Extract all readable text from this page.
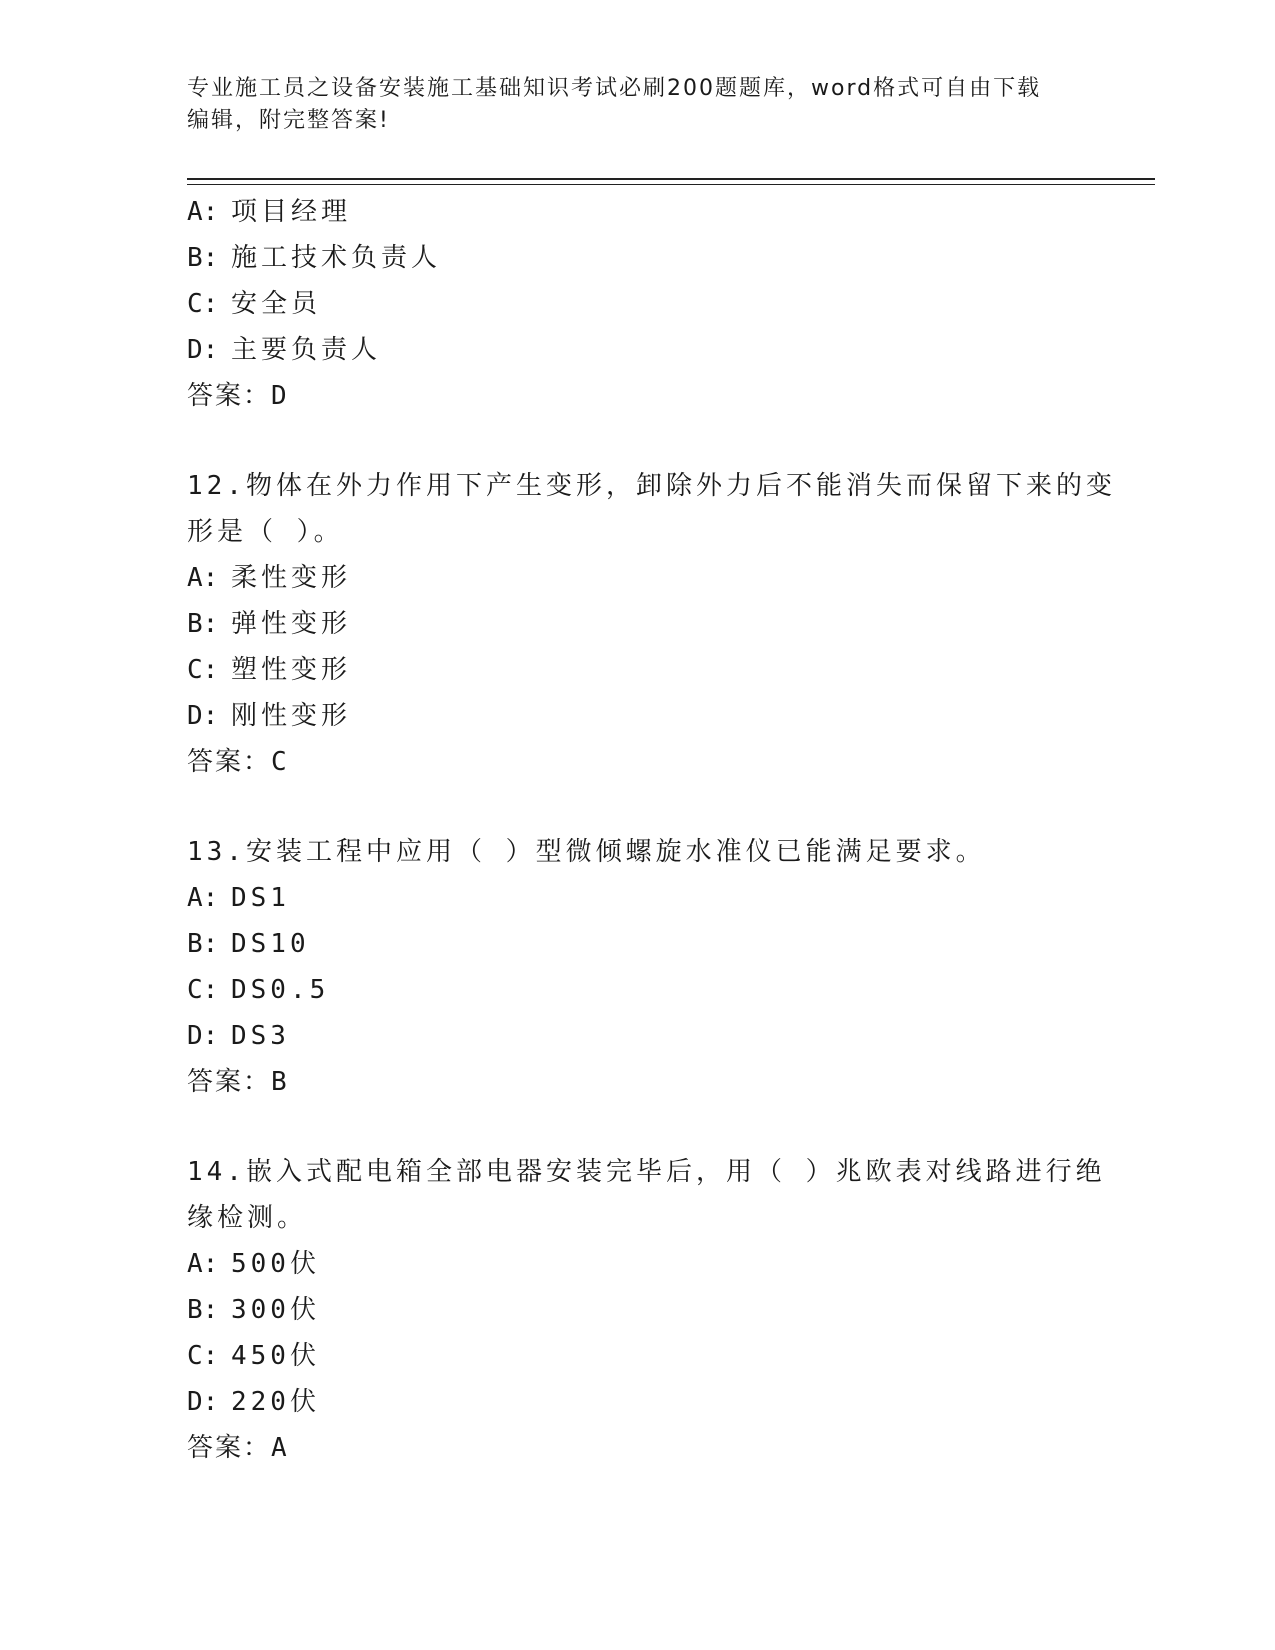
专业施工员之设备安装施工基础知识考试必刷200题题库，word格式可自由下载
编辑，附完整答案!
A: 项目经理
B: 施工技术负责人
C: 安全员
D: 主要负责人
答案：D
12.物体在外力作用下产生变形，卸除外力后不能消失而保留下来的变
形是（ ）。
A: 柔性变形
B: 弹性变形
C: 塑性变形
D: 刚性变形
答案：C
13.安装工程中应用（ ）型微倾螺旋水准仪已能满足要求。
A: DS1
B: DS10
C: DS0.5
D: DS3
答案：B
14.嵌入式配电箱全部电器安装完毕后，用（ ）兆欧表对线路进行绝
缘检测。
A: 500伏
B: 300伏
C: 450伏
D: 220伏
答案：A
